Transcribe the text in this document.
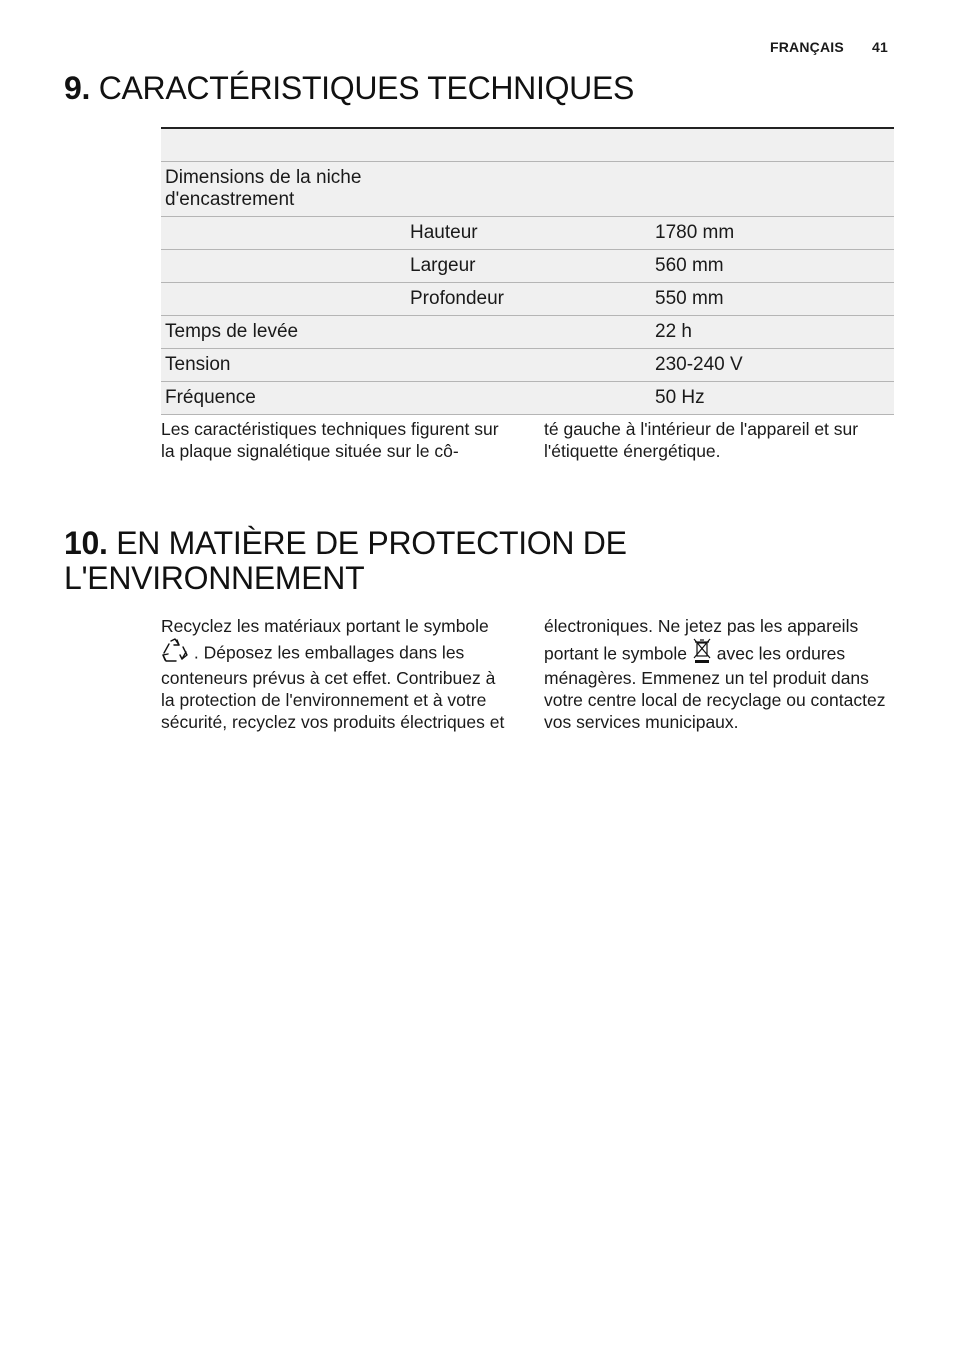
FRANÇAIS 41
9. CARACTÉRISTIQUES TECHNIQUES

Dimensions de la niche d'encastrement		
	Hauteur	1780 mm
	Largeur	560 mm
	Profondeur	550 mm
Temps de levée		22 h
Tension		230-240 V
Fréquence		50 Hz
Les caractéristiques techniques figurent sur la plaque signalétique située sur le cô-
té gauche à l'intérieur de l'appareil et sur l'étiquette énergétique.
10. EN MATIÈRE DE PROTECTION DE L'ENVIRONNEMENT

Recyclez les matériaux portant le symbole

. Déposez les emballages dans les

conteneurs prévus à cet effet. Contribuez à la protection de l'environnement et à votre sécurité, recyclez vos produits électriques et

électroniques. Ne jetez pas les appareils

portant le symbole avec les ordures

ménagères. Emmenez un tel produit dans votre centre local de recyclage ou contactez vos services municipaux.
